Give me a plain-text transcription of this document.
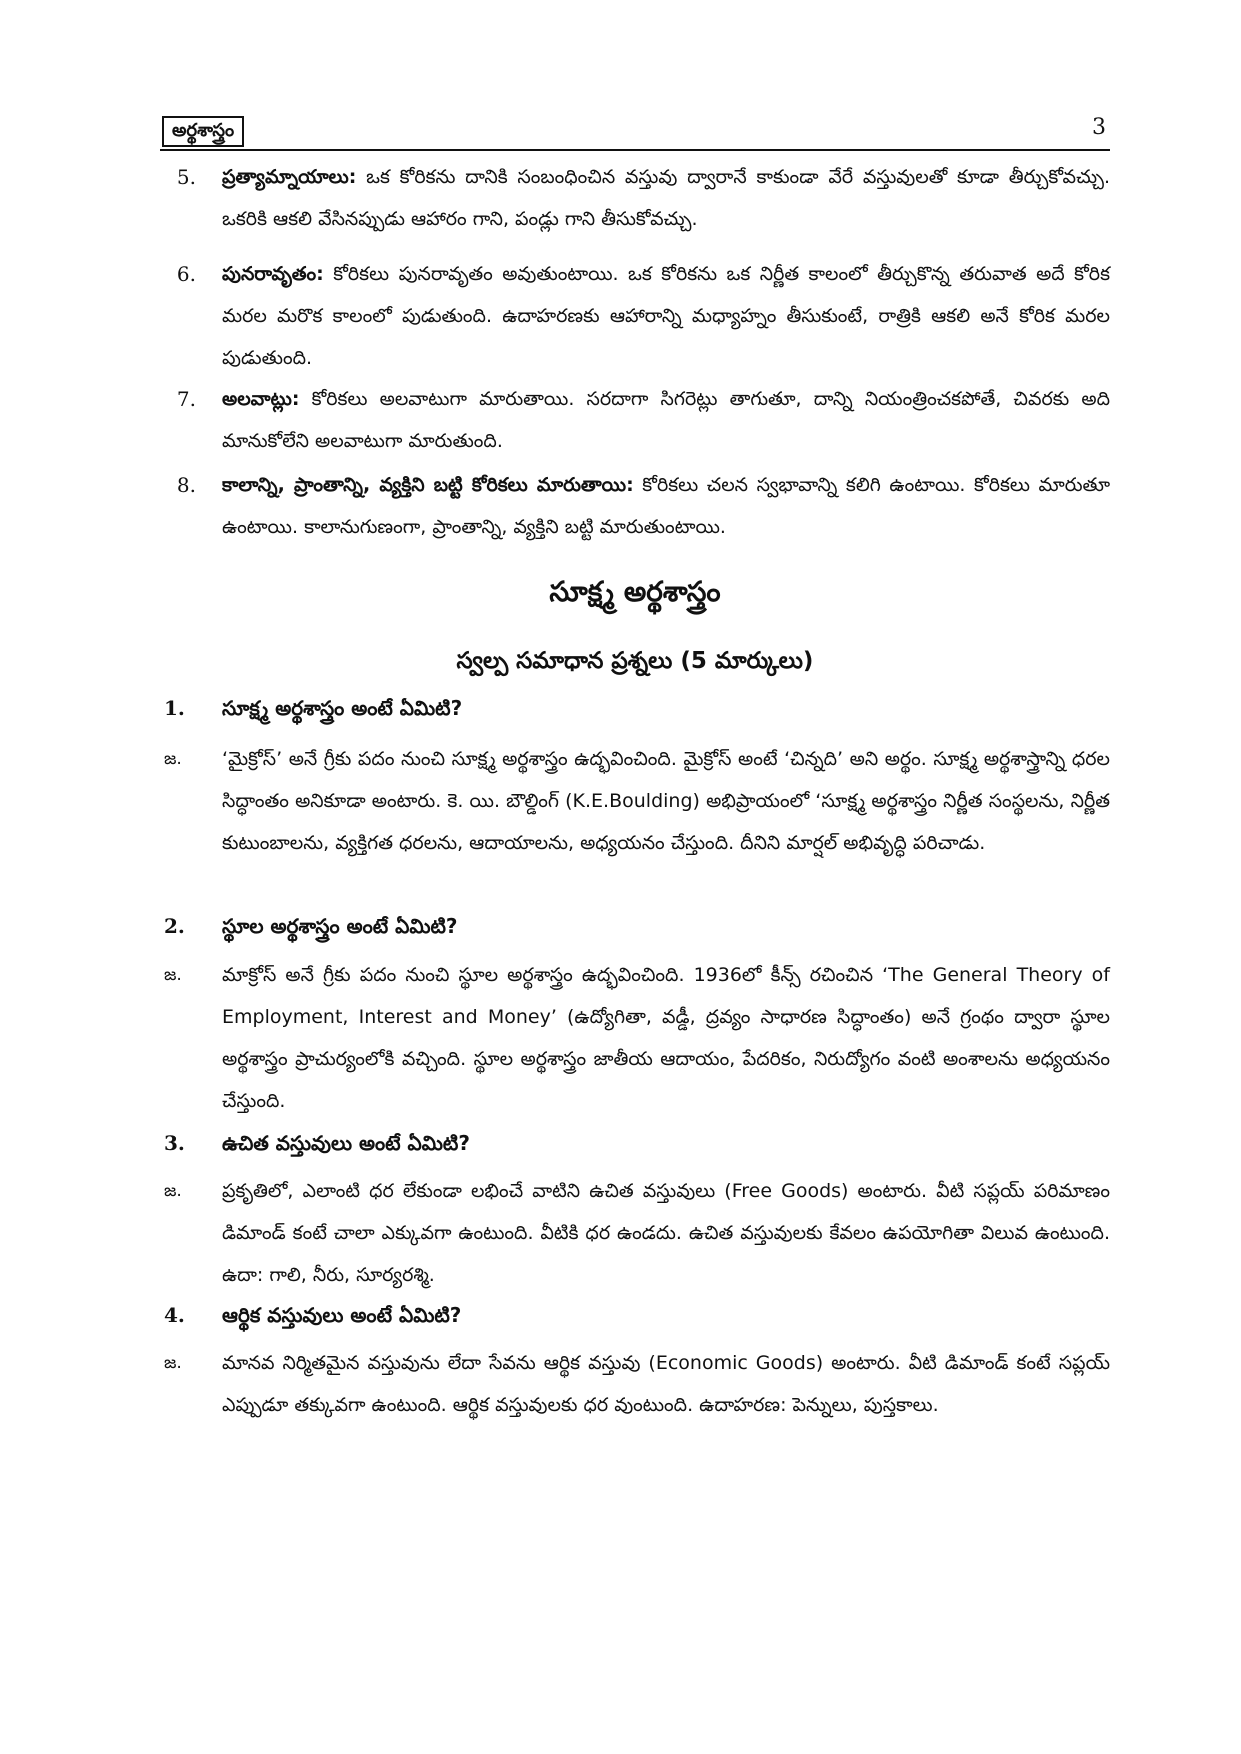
అర్థశాస్త్రం	3
5. ప్రత్యామ్నాయాలు: ఒక కోరికను దానికి సంబంధించిన వస్తువు ద్వారానే కాకుండా వేరే వస్తువులతో కూడా తీర్చుకోవచ్చు. ఒకరికి ఆకలి వేసినప్పుడు ఆహారం గాని, పండ్లు గాని తీసుకోవచ్చు.
6. పునరావృతం: కోరికలు పునరావృతం అవుతుంటాయి. ఒక కోరికను ఒక నిర్ణీత కాలంలో తీర్చుకొన్న తరువాత అదే కోరిక మరల మరొక కాలంలో పుడుతుంది. ఉదాహరణకు ఆహారాన్ని మధ్యాహ్నం తీసుకుంటే, రాత్రికి ఆకలి అనే కోరిక మరల పుడుతుంది.
7. అలవాట్లు: కోరికలు అలవాటుగా మారుతాయి. సరదాగా సిగరెట్లు తాగుతూ, దాన్ని నియంత్రించకపోతే, చివరకు అది మానుకోలేని అలవాటుగా మారుతుంది.
8. కాలాన్ని, ప్రాంతాన్ని, వ్యక్తిని బట్టి కోరికలు మారుతాయి: కోరికలు చలన స్వభావాన్ని కలిగి ఉంటాయి. కోరికలు మారుతూ ఉంటాయి. కాలానుగుణంగా, ప్రాంతాన్ని, వ్యక్తిని బట్టి మారుతుంటాయి.
సూక్ష్మ అర్థశాస్త్రం
స్వల్ప సమాధాన ప్రశ్నలు (5 మార్కులు)
1. సూక్ష్మ అర్థశాస్త్రం అంటే ఏమిటి?
జ. ‘మైక్రోస్’ అనే గ్రీకు పదం నుంచి సూక్ష్మ అర్థశాస్త్రం ఉద్భవించింది. మైక్రోస్ అంటే ‘చిన్నది’ అని అర్థం. సూక్ష్మ అర్థశాస్త్రాన్ని ధరల సిద్ధాంతం అనికూడా అంటారు. కె. యి. బౌల్డింగ్ (K.E.Boulding) అభిప్రాయంలో ‘సూక్ష్మ అర్థశాస్త్రం నిర్ణీత సంస్థలను, నిర్ణీత కుటుంబాలను, వ్యక్తిగత ధరలను, ఆదాయాలను, అధ్యయనం చేస్తుంది. దీనిని మార్షల్ అభివృద్ధి పరిచాడు.
2. స్థూల అర్థశాస్త్రం అంటే ఏమిటి?
జ. మాక్రోస్ అనే గ్రీకు పదం నుంచి స్థూల అర్థశాస్త్రం ఉద్భవించింది. 1936లో కీన్స్ రచించిన ‘The General Theory of Employment, Interest and Money’ (ఉద్యోగితా, వడ్డీ, ద్రవ్యం సాధారణ సిద్ధాంతం) అనే గ్రంథం ద్వారా స్థూల అర్థశాస్త్రం ప్రాచుర్యంలోకి వచ్చింది. స్థూల అర్థశాస్త్రం జాతీయ ఆదాయం, పేదరికం, నిరుద్యోగం వంటి అంశాలను అధ్యయనం చేస్తుంది.
3. ఉచిత వస్తువులు అంటే ఏమిటి?
జ. ప్రకృతిలో, ఎలాంటి ధర లేకుండా లభించే వాటిని ఉచిత వస్తువులు (Free Goods) అంటారు. వీటి సప్లయ్ పరిమాణం డిమాండ్ కంటే చాలా ఎక్కువగా ఉంటుంది. వీటికి ధర ఉండదు. ఉచిత వస్తువులకు కేవలం ఉపయోగితా విలువ ఉంటుంది. ఉదా: గాలి, నీరు, సూర్యరశ్మి.
4. ఆర్థిక వస్తువులు అంటే ఏమిటి?
జ. మానవ నిర్మితమైన వస్తువును లేదా సేవను ఆర్థిక వస్తువు (Economic Goods) అంటారు. వీటి డిమాండ్ కంటే సప్లయ్ ఎప్పుడూ తక్కువగా ఉంటుంది. ఆర్థిక వస్తువులకు ధర వుంటుంది. ఉదాహరణ: పెన్నులు, పుస్తకాలు.
